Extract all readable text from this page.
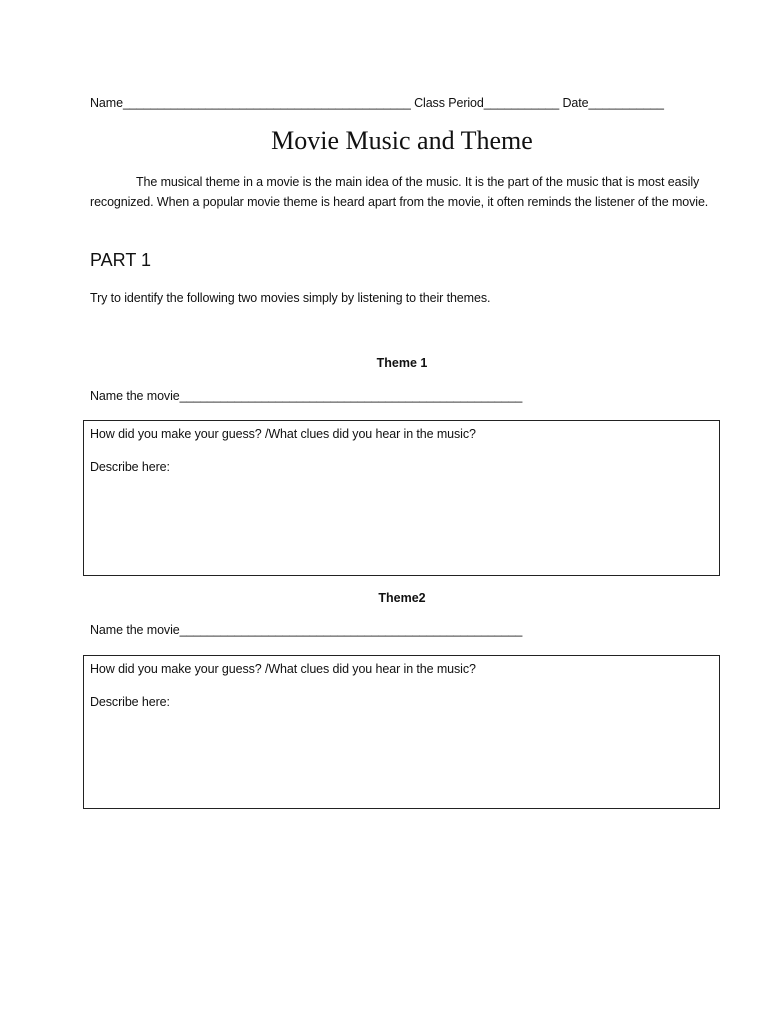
Name__________________________________________ Class Period___________ Date___________
Movie Music and Theme

The musical theme in a movie is the main idea of the music. It is the part of the music that is most easily recognized. When a popular movie theme is heard apart from the movie, it often reminds the listener of the movie.

PART 1
Try to identify the following two movies simply by listening to their themes.
Theme 1
Name the movie__________________________________________________
How did you make your guess? /What clues did you hear in the music?
Describe here:
Theme2
Name the movie__________________________________________________
How did you make your guess? /What clues did you hear in the music?
Describe here:
